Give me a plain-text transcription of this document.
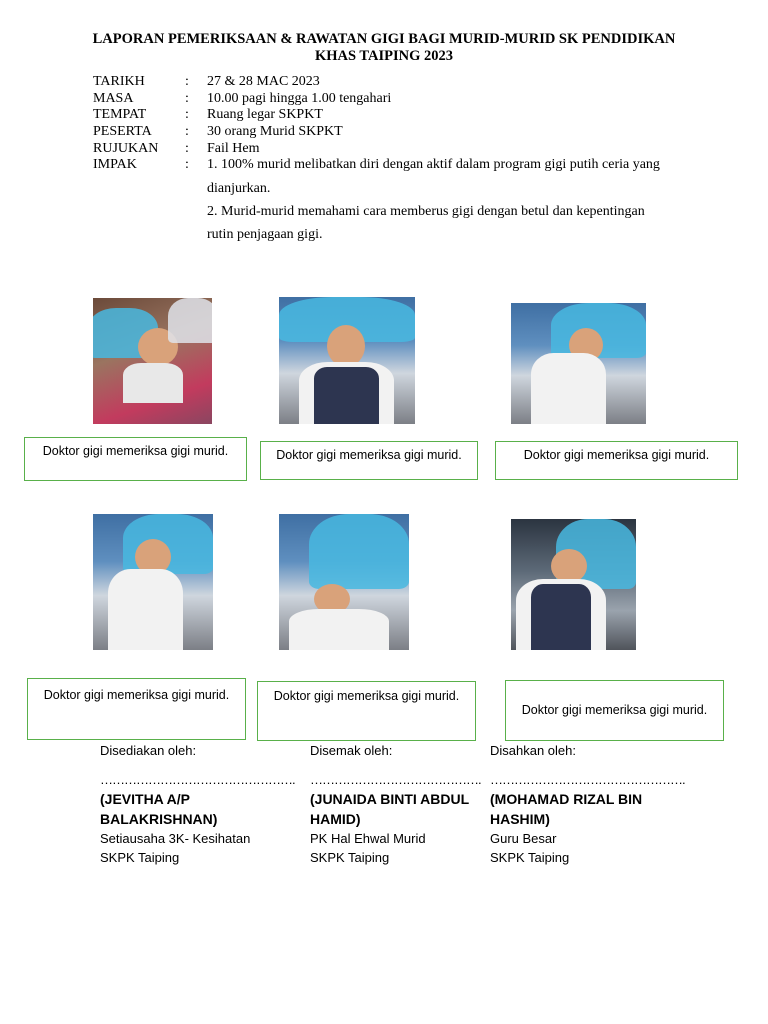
LAPORAN PEMERIKSAAN & RAWATAN GIGI BAGI MURID-MURID SK PENDIDIKAN
KHAS TAIPING 2023
TARIKH	: 27 & 28 MAC 2023
MASA	: 10.00 pagi hingga 1.00 tengahari
TEMPAT	: Ruang legar SKPKT
PESERTA : 30 orang Murid SKPKT
RUJUKAN : Fail Hem
IMPAK	: 1. 100% murid melibatkan diri dengan aktif dalam program gigi putih ceria yang
dianjurkan.
2. Murid-murid memahami cara memberus gigi dengan betul dan kepentingan
rutin penjagaan gigi.
Doktor gigi memeriksa gigi murid.	Doktor gigi memeriksa gigi murid.	Doktor gigi memeriksa gigi murid.
Doktor gigi memeriksa gigi murid.	Doktor gigi memeriksa gigi murid.
Doktor gigi memeriksa gigi murid.
Disediakan oleh:
………………………………………….
(JEVITHA A/P BALAKRISHNAN)
Setiausaha 3K- Kesihatan
SKPK Taiping
Disemak oleh:
…………………………………….
(JUNAIDA BINTI ABDUL
HAMID)
PK Hal Ehwal Murid
SKPK Taiping
Disahkan oleh:
………………………………………….
(MOHAMAD RIZAL BIN
HASHIM)
Guru Besar
SKPK Taiping
